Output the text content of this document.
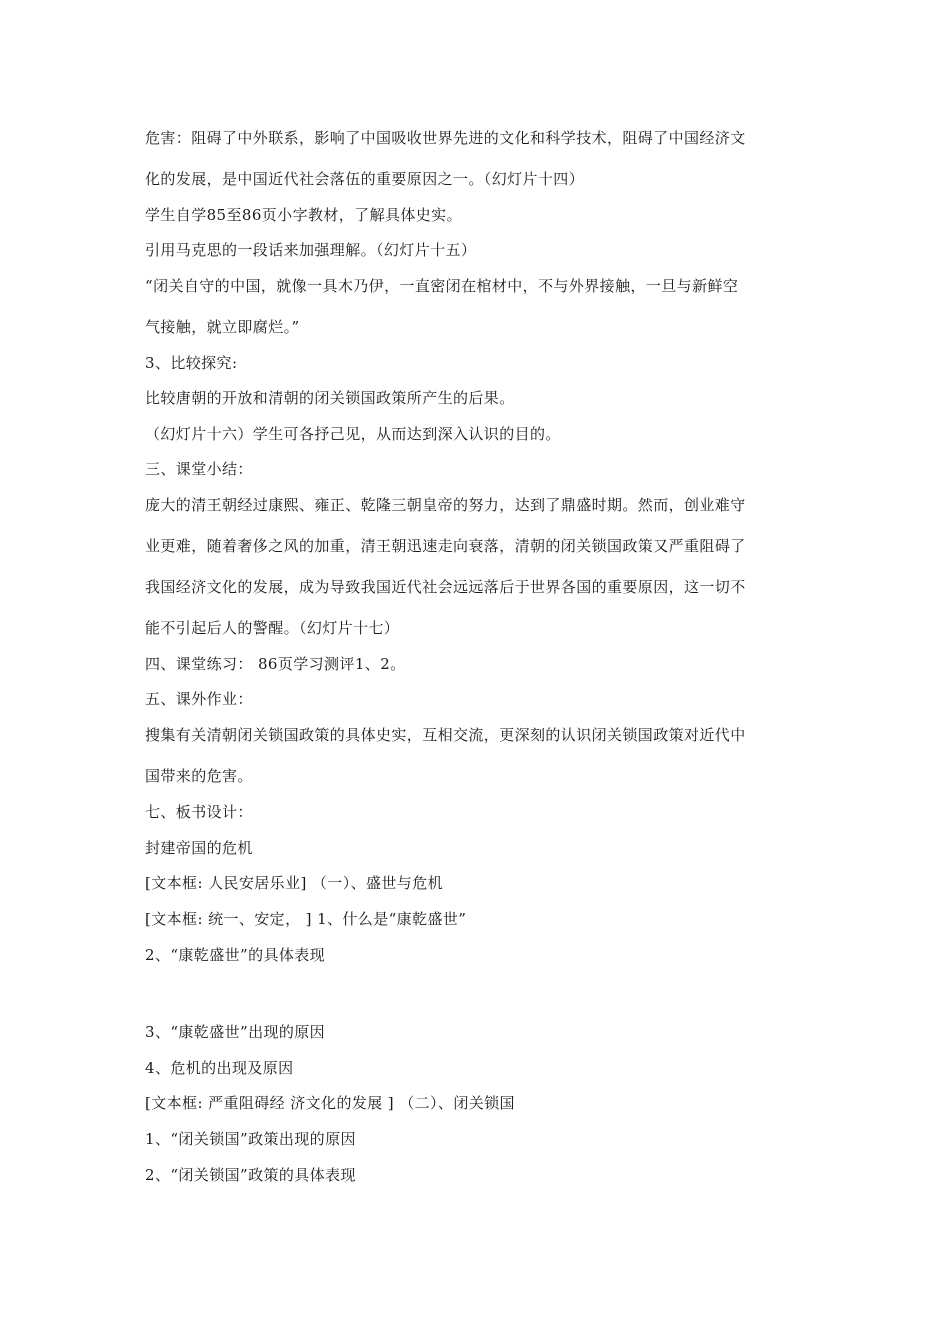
危害：阻碍了中外联系，影响了中国吸收世界先进的文化和科学技术，阻碍了中国经济文
化的发展，是中国近代社会落伍的重要原因之一。（幻灯片十四）
学生自学85至86页小字教材，了解具体史实。
引用马克思的一段话来加强理解。（幻灯片十五）
“闭关自守的中国，就像一具木乃伊，一直密闭在棺材中，不与外界接触，一旦与新鲜空
气接触，就立即腐烂。”
3、比较探究:
比较唐朝的开放和清朝的闭关锁国政策所产生的后果。
（幻灯片十六）学生可各抒己见，从而达到深入认识的目的。
三、课堂小结：
庞大的清王朝经过康熙、雍正、乾隆三朝皇帝的努力，达到了鼎盛时期。然而，创业难守
业更难，随着奢侈之风的加重，清王朝迅速走向衰落，清朝的闭关锁国政策又严重阻碍了
我国经济文化的发展，成为导致我国近代社会远远落后于世界各国的重要原因，这一切不
能不引起后人的警醒。（幻灯片十七）
四、课堂练习： 86页学习测评1、2。
五、课外作业：
搜集有关清朝闭关锁国政策的具体史实，互相交流，更深刻的认识闭关锁国政策对近代中
国带来的危害。
七、板书设计：
封建帝国的危机
[文本框: 人民安居乐业] （一）、盛世与危机
[文本框: 统一、安定， ] 1、什么是“康乾盛世”
2、“康乾盛世”的具体表现
3、“康乾盛世”出现的原因
4、危机的出现及原因
[文本框: 严重阻碍经 济文化的发展 ] （二）、闭关锁国
1、“闭关锁国”政策出现的原因
2、“闭关锁国”政策的具体表现
